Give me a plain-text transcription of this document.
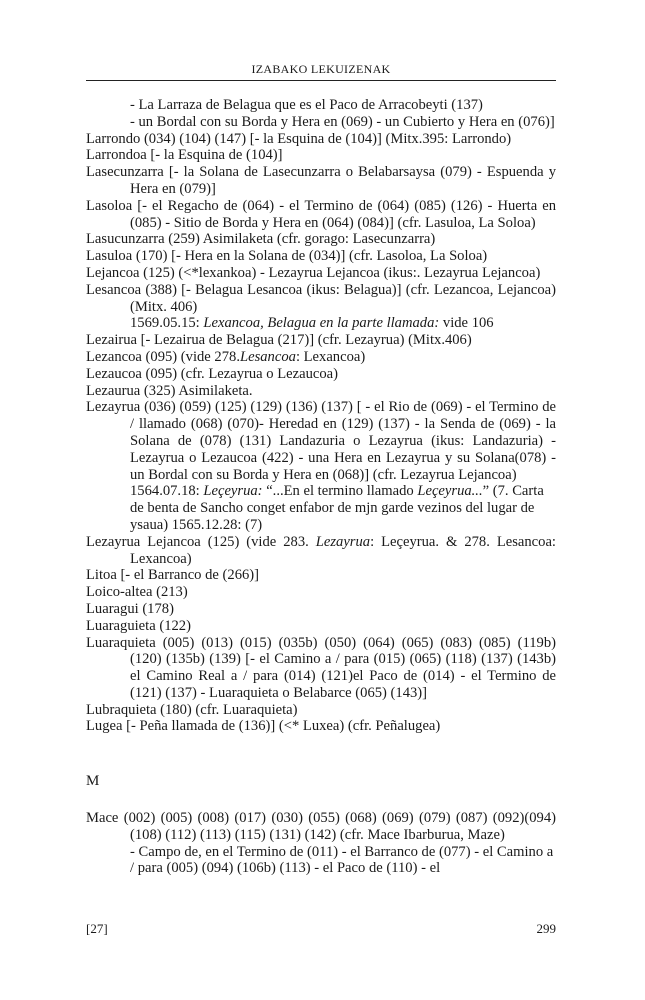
IZABAKO LEKUIZENAK

- La Larraza de Belagua que es el Paco de Arracobeyti (137)

- un Bordal con su Borda y Hera en (069) - un Cubierto y Hera en (076)]

Larrondo (034) (104) (147) [- la Esquina de (104)] (Mitx.395: Larrondo)

Larrondoa [- la Esquina de (104)]

Lasecunzarra [- la Solana de Lasecunzarra o Belabarsaysa (079) - Espuenda y Hera en (079)]

Lasoloa [- el Regacho de (064) - el Termino de (064) (085) (126) - Huerta en (085) - Sitio de Borda y Hera en (064) (084)] (cfr. Lasuloa, La Soloa)

Lasucunzarra (259) Asimilaketa (cfr. gorago: Lasecunzarra)

Lasuloa (170) [- Hera en la Solana de (034)] (cfr. Lasoloa, La Soloa)

Lejancoa (125) (<*lexankoa) - Lezayrua Lejancoa (ikus:. Lezayrua Lejancoa)

Lesancoa (388) [- Belagua Lesancoa (ikus: Belagua)] (cfr. Lezancoa, Lejancoa)(Mitx. 406)

1569.05.15: Lexancoa, Belagua en la parte llamada: vide 106

Lezairua [- Lezairua de Belagua (217)] (cfr. Lezayrua) (Mitx.406)

Lezancoa (095) (vide 278.Lesancoa: Lexancoa)

Lezaucoa (095) (cfr. Lezayrua o Lezaucoa)

Lezaurua (325) Asimilaketa.

Lezayrua (036) (059) (125) (129) (136) (137) [ - el Rio de (069) - el Termino de / llamado (068) (070)- Heredad en (129) (137) - la Senda de (069) - la Solana de (078) (131) Landazuria o Lezayrua (ikus: Landazuria) - Lezayrua o Lezaucoa (422) - una Hera en Lezayrua y su Solana(078) - un Bordal con su Borda y Hera en (068)] (cfr. Lezayrua Lejancoa)

1564.07.18: Leçeyrua: “...En el termino llamado Leçeyrua...” (7. Carta de benta de Sancho conget enfabor de mjn garde vezinos del lugar de ysaua) 1565.12.28: (7)

Lezayrua Lejancoa (125) (vide 283. Lezayrua: Leçeyrua. & 278. Lesancoa: Lexancoa)

Litoa [- el Barranco de (266)]

Loico-altea (213)

Luaragui (178)

Luaraguieta (122)

Luaraquieta (005) (013) (015) (035b) (050) (064) (065) (083) (085) (119b) (120) (135b) (139) [- el Camino a / para (015) (065) (118) (137) (143b) el Camino Real a / para (014) (121)el Paco de (014) - el Termino de (121) (137) - Luaraquieta o Belabarce (065) (143)]

Lubraquieta (180) (cfr. Luaraquieta)

Lugea [- Peña llamada de (136)] (<* Luxea) (cfr. Peñalugea)

M

Mace (002) (005) (008) (017) (030) (055) (068) (069) (079) (087) (092)(094) (108) (112) (113) (115) (131) (142) (cfr. Mace Ibarburua, Maze)

- Campo de, en el Termino de (011) - el Barranco de (077) - el Camino a / para (005) (094) (106b) (113) - el Paco de (110) - el

[27]	299
